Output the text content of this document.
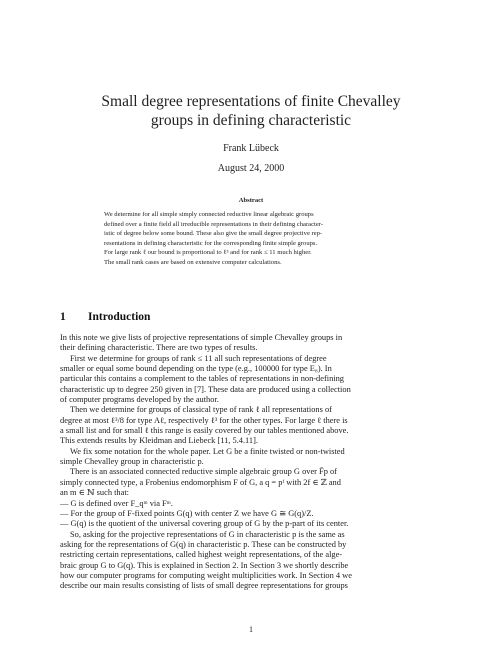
Small degree representations of finite Chevalley
groups in defining characteristic
Frank Lübeck
August 24, 2000
Abstract
We determine for all simple simply connected reductive linear algebraic groups
defined over a finite field all irreducible representations in their defining character-
istic of degree below some bound. These also give the small degree projective rep-
resentations in defining characteristic for the corresponding finite simple groups.
For large rank ℓ our bound is proportional to ℓ³ and for rank ≤ 11 much higher.
The small rank cases are based on extensive computer calculations.
1 Introduction
In this note we give lists of projective representations of simple Chevalley groups in
their defining characteristic. There are two types of results.
First we determine for groups of rank ≤ 11 all such representations of degree
smaller or equal some bound depending on the type (e.g., 100000 for type E₈). In
particular this contains a complement to the tables of representations in non-defining
characteristic up to degree 250 given in [7]. These data are produced using a collection
of computer programs developed by the author.
Then we determine for groups of classical type of rank ℓ all representations of
degree at most ℓ³/8 for type Aℓ, respectively ℓ³ for the other types. For large ℓ there is
a small list and for small ℓ this range is easily covered by our tables mentioned above.
This extends results by Kleidman and Liebeck [11, 5.4.11].
We fix some notation for the whole paper. Let G be a finite twisted or non-twisted
simple Chevalley group in characteristic p.
There is an associated connected reductive simple algebraic group G over F̄p of
simply connected type, a Frobenius endomorphism F of G, a q = pᶠ with 2f ∈ ℤ and
an m ∈ ℕ such that:
— G is defined over F_qᵐ via Fᵐ.
— For the group of F-fixed points G(q) with center Z we have G ≅ G(q)/Z.
— G(q) is the quotient of the universal covering group of G by the p-part of its center.
So, asking for the projective representations of G in characteristic p is the same as
asking for the representations of G(q) in characteristic p. These can be constructed by
restricting certain representations, called highest weight representations, of the alge-
braic group G to G(q). This is explained in Section 2. In Section 3 we shortly describe
how our computer programs for computing weight multiplicities work. In Section 4 we
describe our main results consisting of lists of small degree representations for groups
1
